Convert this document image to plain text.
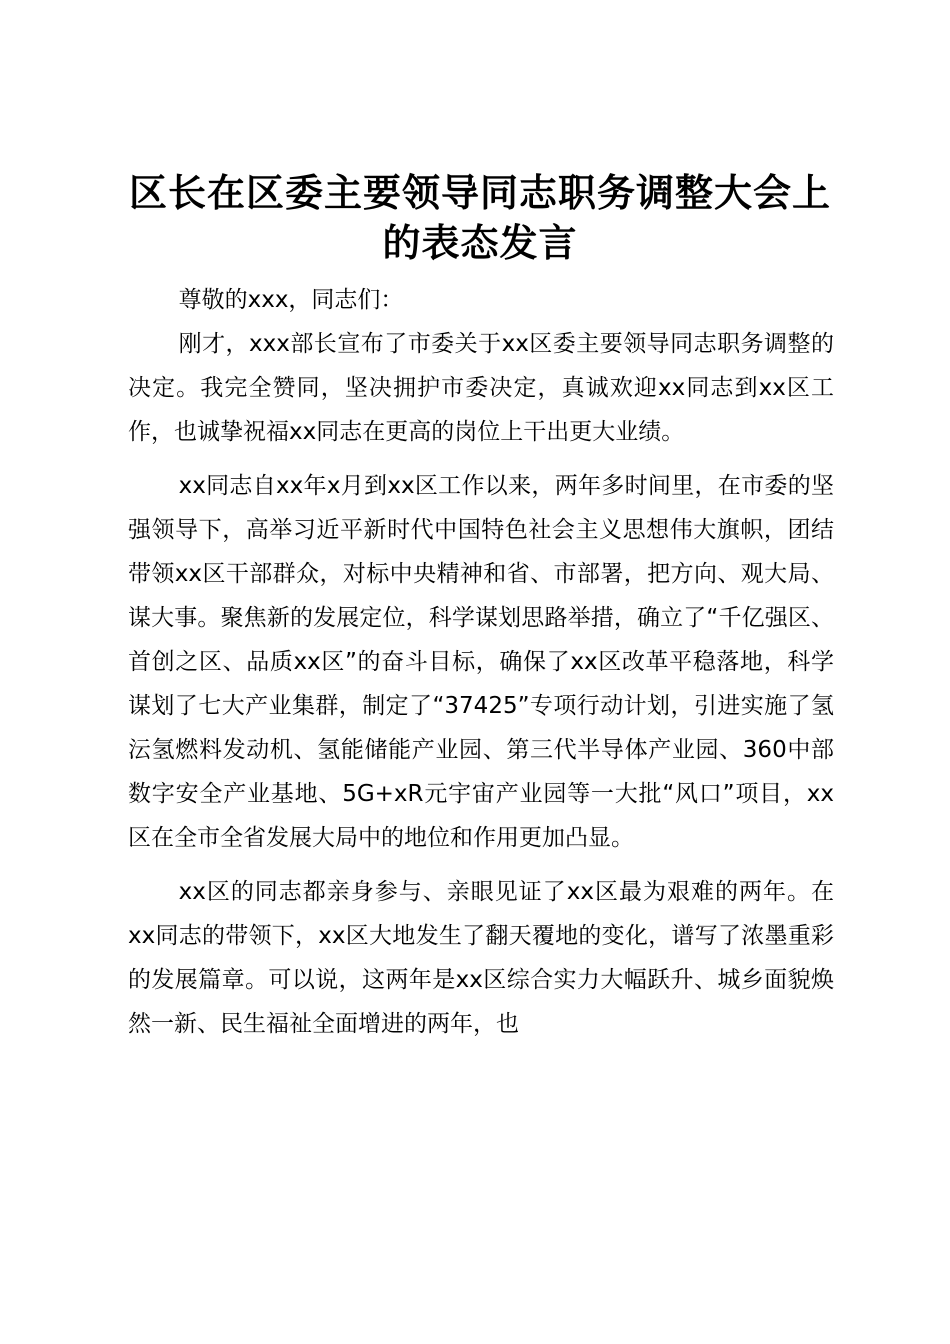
区长在区委主要领导同志职务调整大会上的表态发言

尊敬的xxx，同志们：

刚才，xxx部长宣布了市委关于xx区委主要领导同志职务调整的决定。我完全赞同，坚决拥护市委决定，真诚欢迎xx同志到xx区工作，也诚挚祝福xx同志在更高的岗位上干出更大业绩。

xx同志自xx年x月到xx区工作以来，两年多时间里，在市委的坚强领导下，高举习近平新时代中国特色社会主义思想伟大旗帜，团结带领xx区干部群众，对标中央精神和省、市部署，把方向、观大局、谋大事。聚焦新的发展定位，科学谋划思路举措，确立了“千亿强区、首创之区、品质xx区”的奋斗目标，确保了xx区改革平稳落地，科学谋划了七大产业集群，制定了“37425”专项行动计划，引进实施了氢沄氢燃料发动机、氢能储能产业园、第三代半导体产业园、360中部数字安全产业基地、5G+xR元宇宙产业园等一大批“风口”项目，xx区在全市全省发展大局中的地位和作用更加凸显。

xx区的同志都亲身参与、亲眼见证了xx区最为艰难的两年。在xx同志的带领下，xx区大地发生了翻天覆地的变化，谱写了浓墨重彩的发展篇章。可以说，这两年是xx区综合实力大幅跃升、城乡面貌焕然一新、民生福祉全面增进的两年，也
